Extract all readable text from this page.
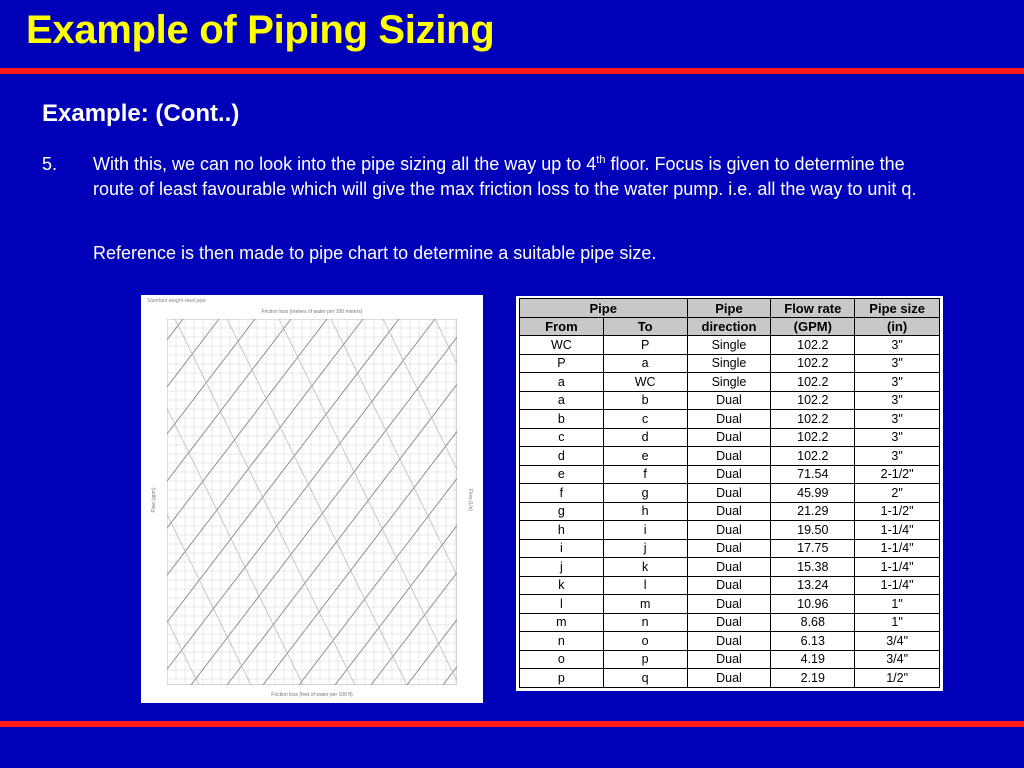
Example of Piping Sizing
Example: (Cont..)
5. With this, we can no look into the pipe sizing all the way up to 4th floor. Focus is given to determine the route of least favourable which will give the max friction loss to the water pump. i.e. all the way to unit q.
Reference is then made to pipe chart to determine a suitable pipe size.
Standard weight steel pipe
Friction loss (meters of water per 100 meters)
Friction loss (feet of water per 100 ft)
Flow (gpm)	Flow (L/s)
Pipe		Pipe	Flow rate	Pipe size
From	To	direction	(GPM)	(in)
WC	P	Single	102.2	3"
P	a	Single	102.2	3"
a	WC	Single	102.2	3"
a	b	Dual	102.2	3"
b	c	Dual	102.2	3"
c	d	Dual	102.2	3"
d	e	Dual	102.2	3"
e	f	Dual	71.54	2-1/2"
f	g	Dual	45.99	2"
g	h	Dual	21.29	1-1/2"
h	i	Dual	19.50	1-1/4"
i	j	Dual	17.75	1-1/4"
j	k	Dual	15.38	1-1/4"
k	l	Dual	13.24	1-1/4"
l	m	Dual	10.96	1"
m	n	Dual	8.68	1"
n	o	Dual	6.13	3/4"
o	p	Dual	4.19	3/4"
p	q	Dual	2.19	1/2"
